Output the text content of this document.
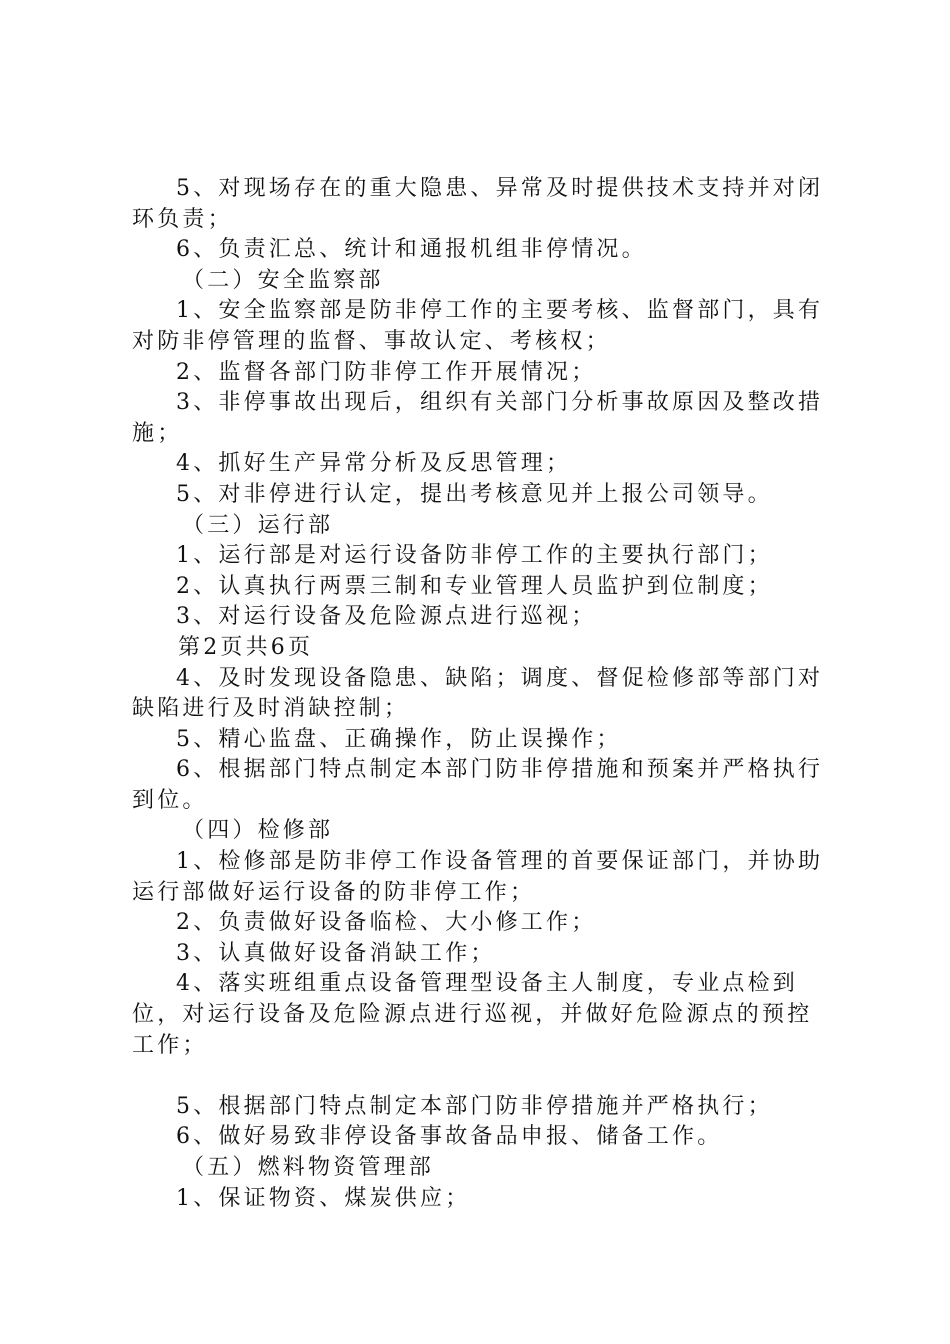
5、对现场存在的重大隐患、异常及时提供技术支持并对闭环负责；

6、负责汇总、统计和通报机组非停情况。

（二）安全监察部

1、安全监察部是防非停工作的主要考核、监督部门，具有对防非停管理的监督、事故认定、考核权；

2、监督各部门防非停工作开展情况；

3、非停事故出现后，组织有关部门分析事故原因及整改措施；

4、抓好生产异常分析及反思管理；

5、对非停进行认定，提出考核意见并上报公司领导。

（三）运行部

1、运行部是对运行设备防非停工作的主要执行部门；

2、认真执行两票三制和专业管理人员监护到位制度；

3、对运行设备及危险源点进行巡视；

第2页共6页

4、及时发现设备隐患、缺陷；调度、督促检修部等部门对缺陷进行及时消缺控制；

5、精心监盘、正确操作，防止误操作；

6、根据部门特点制定本部门防非停措施和预案并严格执行到位。

（四）检修部

1、检修部是防非停工作设备管理的首要保证部门，并协助运行部做好运行设备的防非停工作；

2、负责做好设备临检、大小修工作；

3、认真做好设备消缺工作；

4、落实班组重点设备管理型设备主人制度，专业点检到位，对运行设备及危险源点进行巡视，并做好危险源点的预控工作；

5、根据部门特点制定本部门防非停措施并严格执行；

6、做好易致非停设备事故备品申报、储备工作。

（五）燃料物资管理部

1、保证物资、煤炭供应；
